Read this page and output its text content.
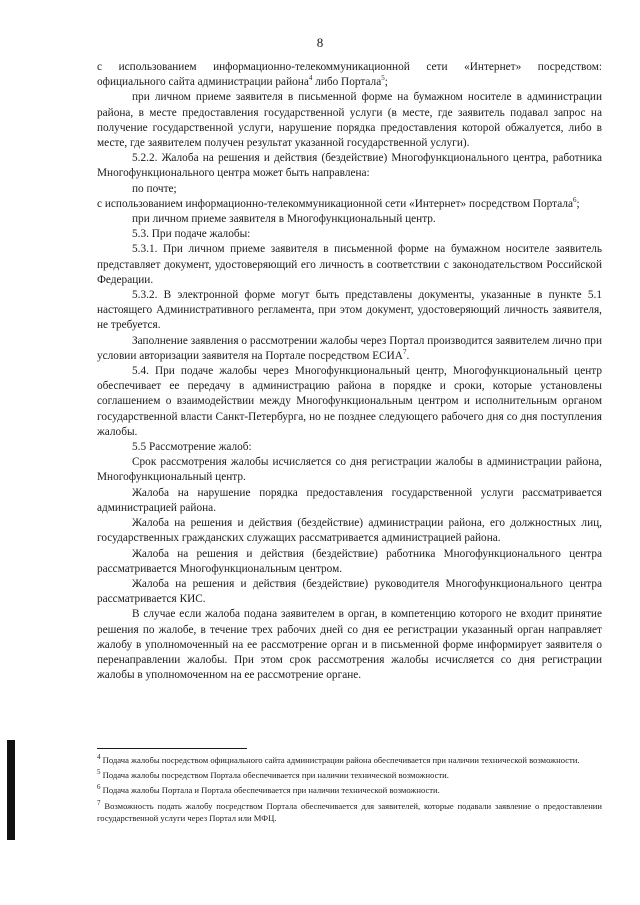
8

с использованием информационно-телекоммуникационной сети «Интернет» посредством: официального сайта администрации района$^4$ либо Портала$^5$;

при личном приеме заявителя в письменной форме на бумажном носителе в администрации района, в месте предоставления государственной услуги (в месте, где заявитель подавал запрос на получение государственной услуги, нарушение порядка предоставления которой обжалуется, либо в месте, где заявителем получен результат указанной государственной услуги).

5.2.2. Жалоба на решения и действия (бездействие) Многофункционального центра, работника Многофункционального центра может быть направлена:

по почте;

с использованием информационно-телекоммуникационной сети «Интернет» посредством Портала$^6$;

при личном приеме заявителя в Многофункциональный центр.

5.3. При подаче жалобы:

5.3.1. При личном приеме заявителя в письменной форме на бумажном носителе заявитель представляет документ, удостоверяющий его личность в соответствии с законодательством Российской Федерации.

5.3.2. В электронной форме могут быть представлены документы, указанные в пункте 5.1 настоящего Административного регламента, при этом документ, удостоверяющий личность заявителя, не требуется.

Заполнение заявления о рассмотрении жалобы через Портал производится заявителем лично при условии авторизации заявителя на Портале посредством ЕСИА$^7$.

5.4. При подаче жалобы через Многофункциональный центр, Многофункциональный центр обеспечивает ее передачу в администрацию района в порядке и сроки, которые установлены соглашением о взаимодействии между Многофункциональным центром и исполнительным органом государственной власти Санкт-Петербурга, но не позднее следующего рабочего дня со дня поступления жалобы.

5.5 Рассмотрение жалоб:

Срок рассмотрения жалобы исчисляется со дня регистрации жалобы в администрации района, Многофункциональный центр.

Жалоба на нарушение порядка предоставления государственной услуги рассматривается администрацией района.

Жалоба на решения и действия (бездействие) администрации района, его должностных лиц, государственных гражданских служащих рассматривается администрацией района.

Жалоба на решения и действия (бездействие) работника Многофункционального центра рассматривается Многофункциональным центром.

Жалоба на решения и действия (бездействие) руководителя Многофункционального центра рассматривается КИС.

В случае если жалоба подана заявителем в орган, в компетенцию которого не входит принятие решения по жалобе, в течение трех рабочих дней со дня ее регистрации указанный орган направляет жалобу в уполномоченный на ее рассмотрение орган и в письменной форме информирует заявителя о перенаправлении жалобы. При этом срок рассмотрения жалобы исчисляется со дня регистрации жалобы в уполномоченном на ее рассмотрение органе.

$^4$ Подача жалобы посредством официального сайта администрации района обеспечивается при наличии технической возможности.

$^5$ Подача жалобы посредством Портала обеспечивается при наличии технической возможности.

$^6$ Подача жалобы Портала и Портала обеспечивается при наличии технической возможности.

$^7$ Возможность подать жалобу посредством Портала обеспечивается для заявителей, которые подавали заявление о предоставлении государственной услуги через Портал или МФЦ.
